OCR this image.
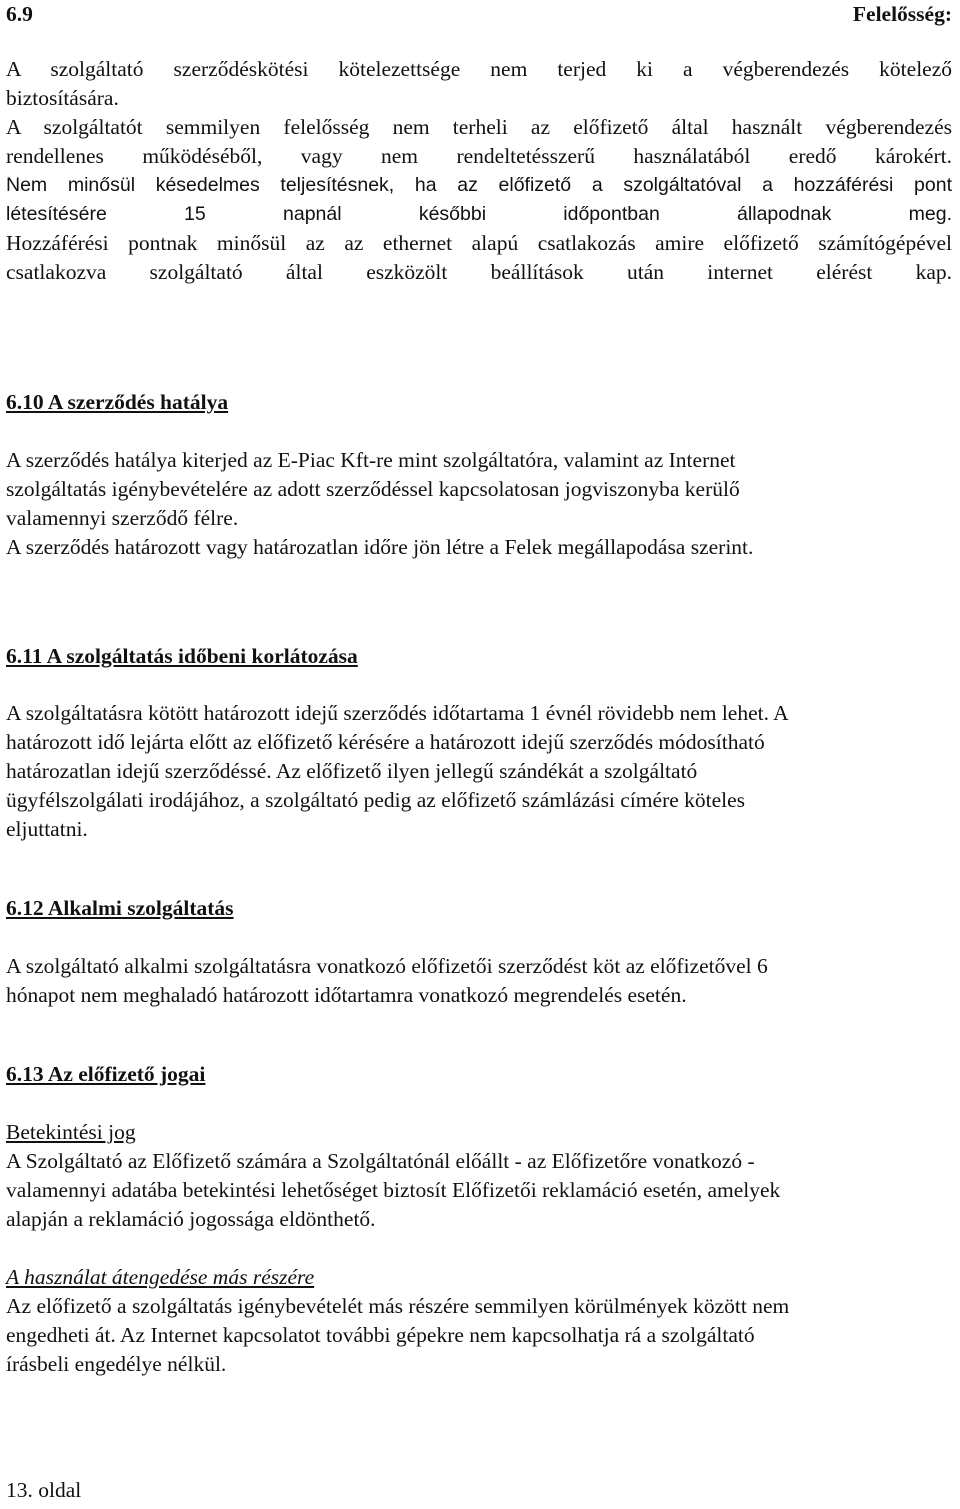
6.9	Felelősség:
A szolgáltató szerződéskötési kötelezettsége nem terjed ki a végberendezés kötelező
biztosítására.
A szolgáltatót semmilyen felelősség nem terheli az előfizető által használt végberendezés
rendellenes működéséből, vagy nem rendeltetésszerű használatából eredő károkért.
Nem minősül késedelmes teljesítésnek, ha az előfizető a szolgáltatóval a hozzáférési pont
létesítésére 15 napnál későbbi időpontban állapodnak meg.
Hozzáférési pontnak minősül az az ethernet alapú csatlakozás amire előfizető számítógépével
csatlakozva szolgáltató által eszközölt beállítások után internet elérést kap.
6.10 A szerződés hatálya
A szerződés hatálya kiterjed az E-Piac Kft-re mint szolgáltatóra, valamint az Internet
szolgáltatás igénybevételére az adott szerződéssel kapcsolatosan jogviszonyba kerülő
valamennyi szerződő félre.
A szerződés határozott vagy határozatlan időre jön létre a Felek megállapodása szerint.
6.11 A szolgáltatás időbeni korlátozása
A szolgáltatásra kötött határozott idejű szerződés időtartama 1 évnél rövidebb nem lehet. A
határozott idő lejárta előtt az előfizető kérésére a határozott idejű szerződés módosítható
határozatlan idejű szerződéssé. Az előfizető ilyen jellegű szándékát a szolgáltató
ügyfélszolgálati irodájához, a szolgáltató pedig az előfizető számlázási címére köteles
eljuttatni.
6.12 Alkalmi szolgáltatás
A szolgáltató alkalmi szolgáltatásra vonatkozó előfizetői szerződést köt az előfizetővel 6
hónapot nem meghaladó határozott időtartamra vonatkozó megrendelés esetén.
6.13 Az előfizető jogai
Betekintési jog
A Szolgáltató az Előfizető számára a Szolgáltatónál előállt - az Előfizetőre vonatkozó -
valamennyi adatába betekintési lehetőséget biztosít Előfizetői reklamáció esetén, amelyek
alapján a reklamáció jogossága eldönthető.
A használat átengedése más részére
Az előfizető a szolgáltatás igénybevételét más részére semmilyen körülmények között nem
engedheti át. Az Internet kapcsolatot további gépekre nem kapcsolhatja rá a szolgáltató
írásbeli engedélye nélkül.
13. oldal
